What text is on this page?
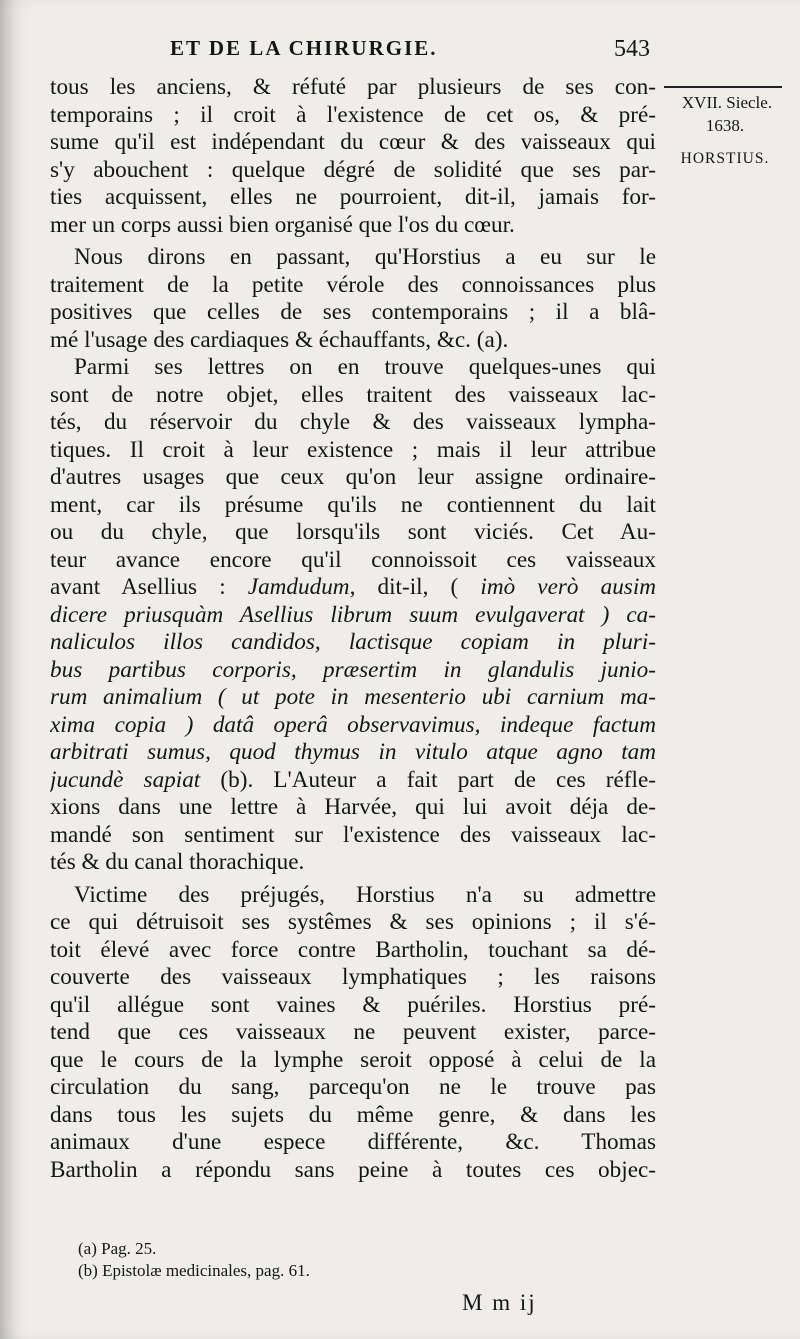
ET DE LA CHIRURGIE.	543
tous les anciens, & réfuté par plusieurs de ses con-
temporains ; il croit à l'existence de cet os, & pré-
sume qu'il est indépendant du cœur & des vaisseaux qui
s'y abouchent : quelque dégré de solidité que ses par-
ties acquissent, elles ne pourroient, dit-il, jamais for-
mer un corps aussi bien organisé que l'os du cœur.
Nous dirons en passant, qu'Horstius a eu sur le
traitement de la petite vérole des connoissances plus
positives que celles de ses contemporains ; il a blâ-
mé l'usage des cardiaques & échauffants, &c. (a).
Parmi ses lettres on en trouve quelques-unes qui
sont de notre objet, elles traitent des vaisseaux lac-
tés, du réservoir du chyle & des vaisseaux lympha-
tiques. Il croit à leur existence ; mais il leur attribue
d'autres usages que ceux qu'on leur assigne ordinaire-
ment, car ils présume qu'ils ne contiennent du lait
ou du chyle, que lorsqu'ils sont viciés. Cet Au-
teur avance encore qu'il connoissoit ces vaisseaux
avant Asellius : Jamdudum, dit-il, ( imò verò ausim
dicere priusquàm Asellius librum suum evulgaverat ) ca-
naliculos illos candidos, lactisque copiam in pluri-
bus partibus corporis, præsertim in glandulis junio-
rum animalium ( ut pote in mesenterio ubi carnium ma-
xima copia ) datâ operâ observavimus, indeque factum
arbitrati sumus, quod thymus in vitulo atque agno tam
jucundè sapiat (b). L'Auteur a fait part de ces réfle-
xions dans une lettre à Harvée, qui lui avoit déja de-
mandé son sentiment sur l'existence des vaisseaux lac-
tés & du canal thorachique.
Victime des préjugés, Horstius n'a su admettre
ce qui détruisoit ses systêmes & ses opinions ; il s'é-
toit élevé avec force contre Bartholin, touchant sa dé-
couverte des vaisseaux lymphatiques ; les raisons
qu'il allégue sont vaines & puériles. Horstius pré-
tend que ces vaisseaux ne peuvent exister, parce-
que le cours de la lymphe seroit opposé à celui de la
circulation du sang, parcequ'on ne le trouve pas
dans tous les sujets du même genre, & dans les
animaux d'une espece différente, &c. Thomas
Bartholin a répondu sans peine à toutes ces objec-
XVII. Siecle.
1638.
HORSTIUS.
(a) Pag. 25.
(b) Epistolæ medicinales, pag. 61.
M m ij
